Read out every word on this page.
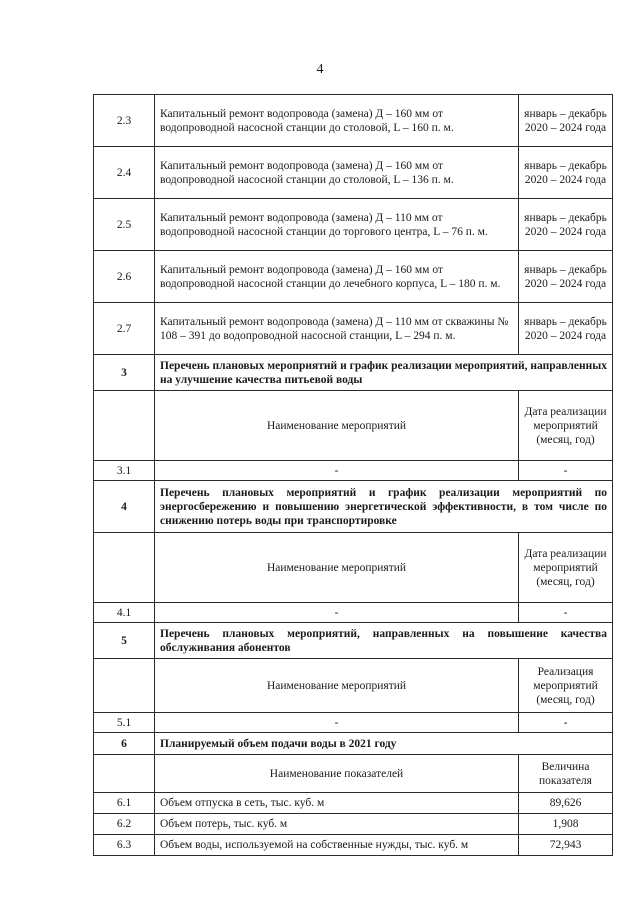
4
2.3	Капитальный ремонт водопровода (замена) Д – 160 мм от водопроводной насосной станции до столовой, L – 160 п. м.	январь – декабрь 2020 – 2024 года
2.4	Капитальный ремонт водопровода (замена) Д – 160 мм от водопроводной насосной станции до столовой, L – 136 п. м.	январь – декабрь 2020 – 2024 года
2.5	Капитальный ремонт водопровода (замена) Д – 110 мм от водопроводной насосной станции до торгового центра, L – 76 п. м.	январь – декабрь 2020 – 2024 года
2.6	Капитальный ремонт водопровода (замена) Д – 160 мм от водопроводной насосной станции до лечебного корпуса, L – 180 п. м.	январь – декабрь 2020 – 2024 года
2.7	Капитальный ремонт водопровода (замена) Д – 110 мм от скважины № 108 – 391 до водопроводной насосной станции, L – 294 п. м.	январь – декабрь 2020 – 2024 года
3	Перечень плановых мероприятий и график реализации мероприятий, направленных на улучшение качества питьевой воды	
	Наименование мероприятий	Дата реализации мероприятий (месяц, год)
3.1	-	-
4	Перечень плановых мероприятий и график реализации мероприятий по энергосбережению и повышению энергетической эффективности, в том числе по снижению потерь воды при транспортировке	
	Наименование мероприятий	Дата реализации мероприятий (месяц, год)
4.1	-	-
5	Перечень плановых мероприятий, направленных на повышение качества обслуживания абонентов	
	Наименование мероприятий	Реализация мероприятий (месяц, год)
5.1	-	-
6	Планируемый объем подачи воды в 2021 году	
	Наименование показателей	Величина показателя
6.1	Объем отпуска в сеть, тыс. куб. м	89,626
6.2	Объем потерь, тыс. куб. м	1,908
6.3	Объем воды, используемой на собственные нужды, тыс. куб. м	72,943
